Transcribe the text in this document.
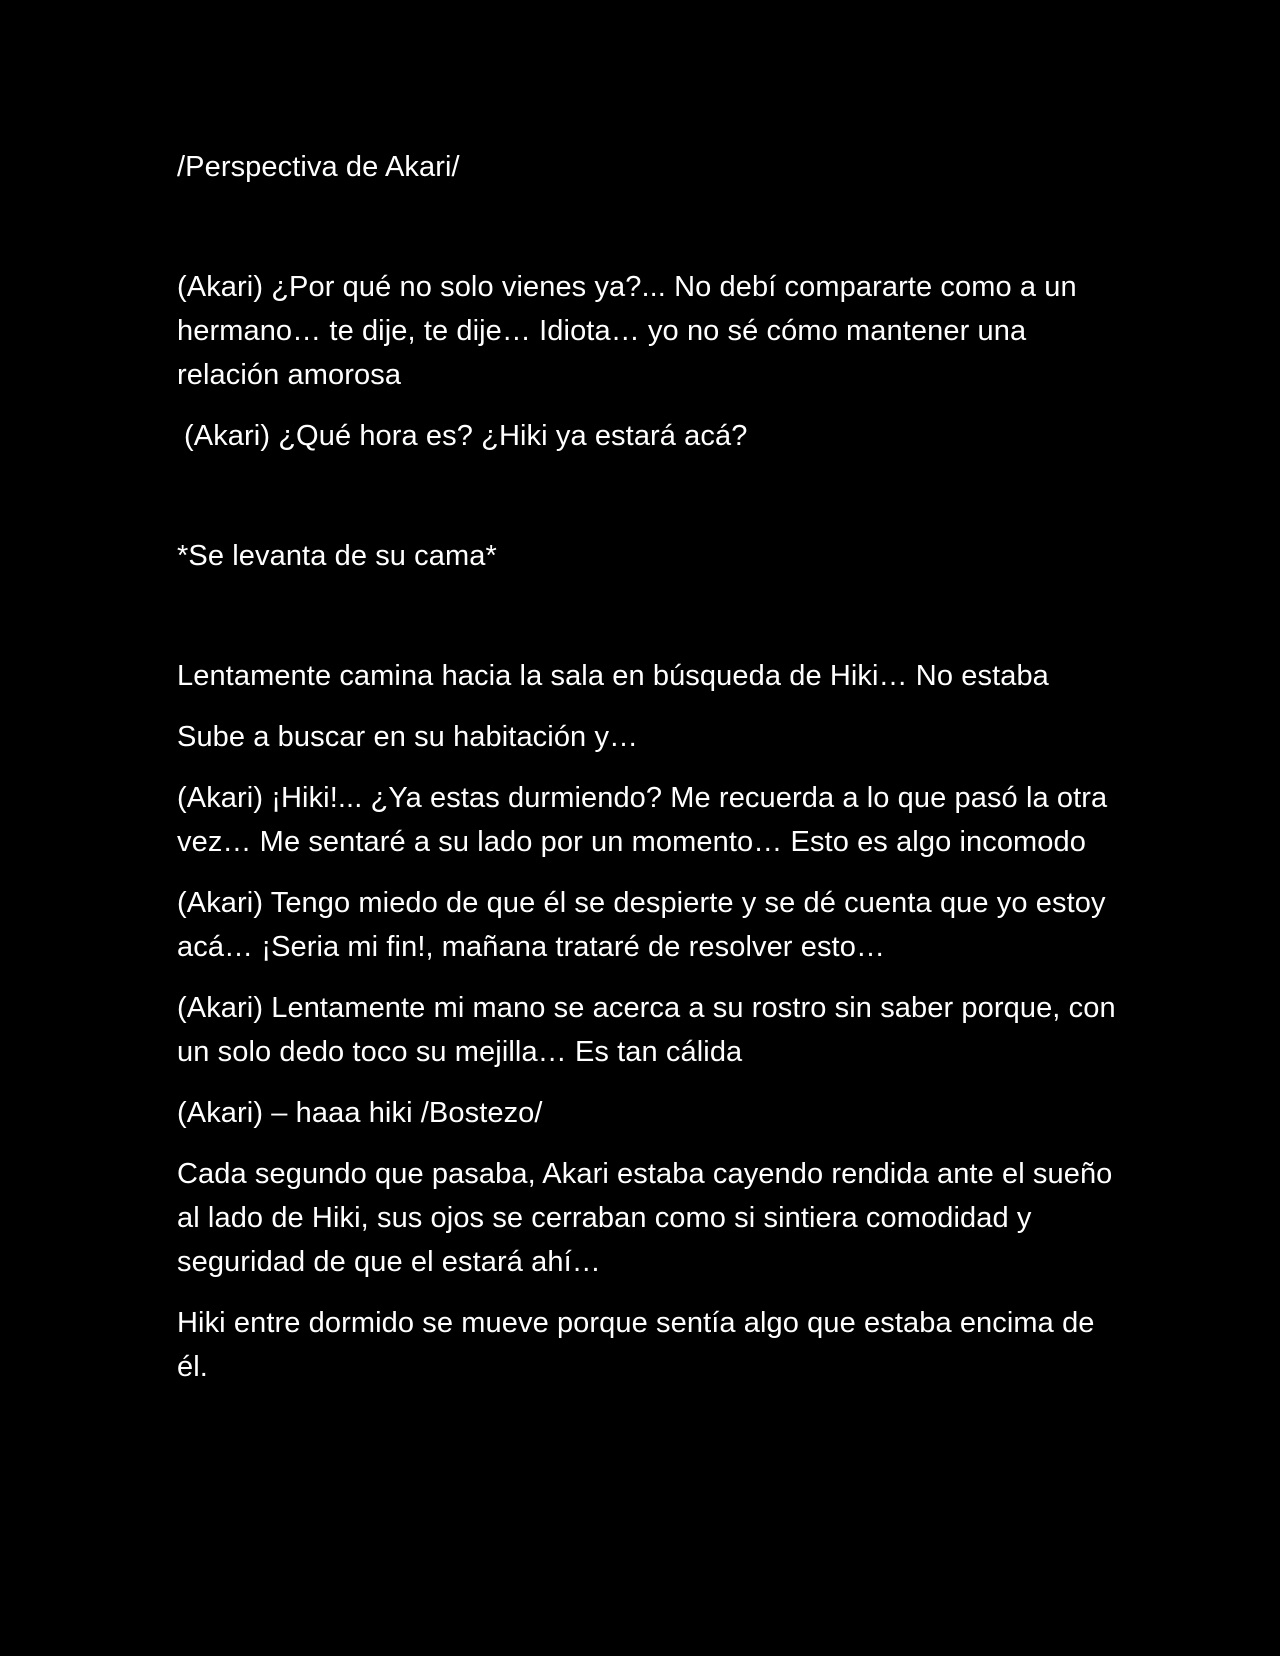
/Perspectiva de Akari/

(Akari) ¿Por qué no solo vienes ya?... No debí compararte como a un hermano… te dije, te dije… Idiota… yo no sé cómo mantener una relación amorosa

(Akari) ¿Qué hora es? ¿Hiki ya estará acá?

*Se levanta de su cama*

Lentamente camina hacia la sala en búsqueda de Hiki… No estaba

Sube a buscar en su habitación y…

(Akari) ¡Hiki!... ¿Ya estas durmiendo? Me recuerda a lo que pasó la otra vez… Me sentaré a su lado por un momento… Esto es algo incomodo

(Akari) Tengo miedo de que él se despierte y se dé cuenta que yo estoy acá… ¡Seria mi fin!, mañana trataré de resolver esto…

(Akari) Lentamente mi mano se acerca a su rostro sin saber porque, con un solo dedo toco su mejilla… Es tan cálida

(Akari) – haaa hiki /Bostezo/

Cada segundo que pasaba, Akari estaba cayendo rendida ante el sueño al lado de Hiki, sus ojos se cerraban como si sintiera comodidad y seguridad de que el estará ahí…

Hiki entre dormido se mueve porque sentía algo que estaba encima de él.
